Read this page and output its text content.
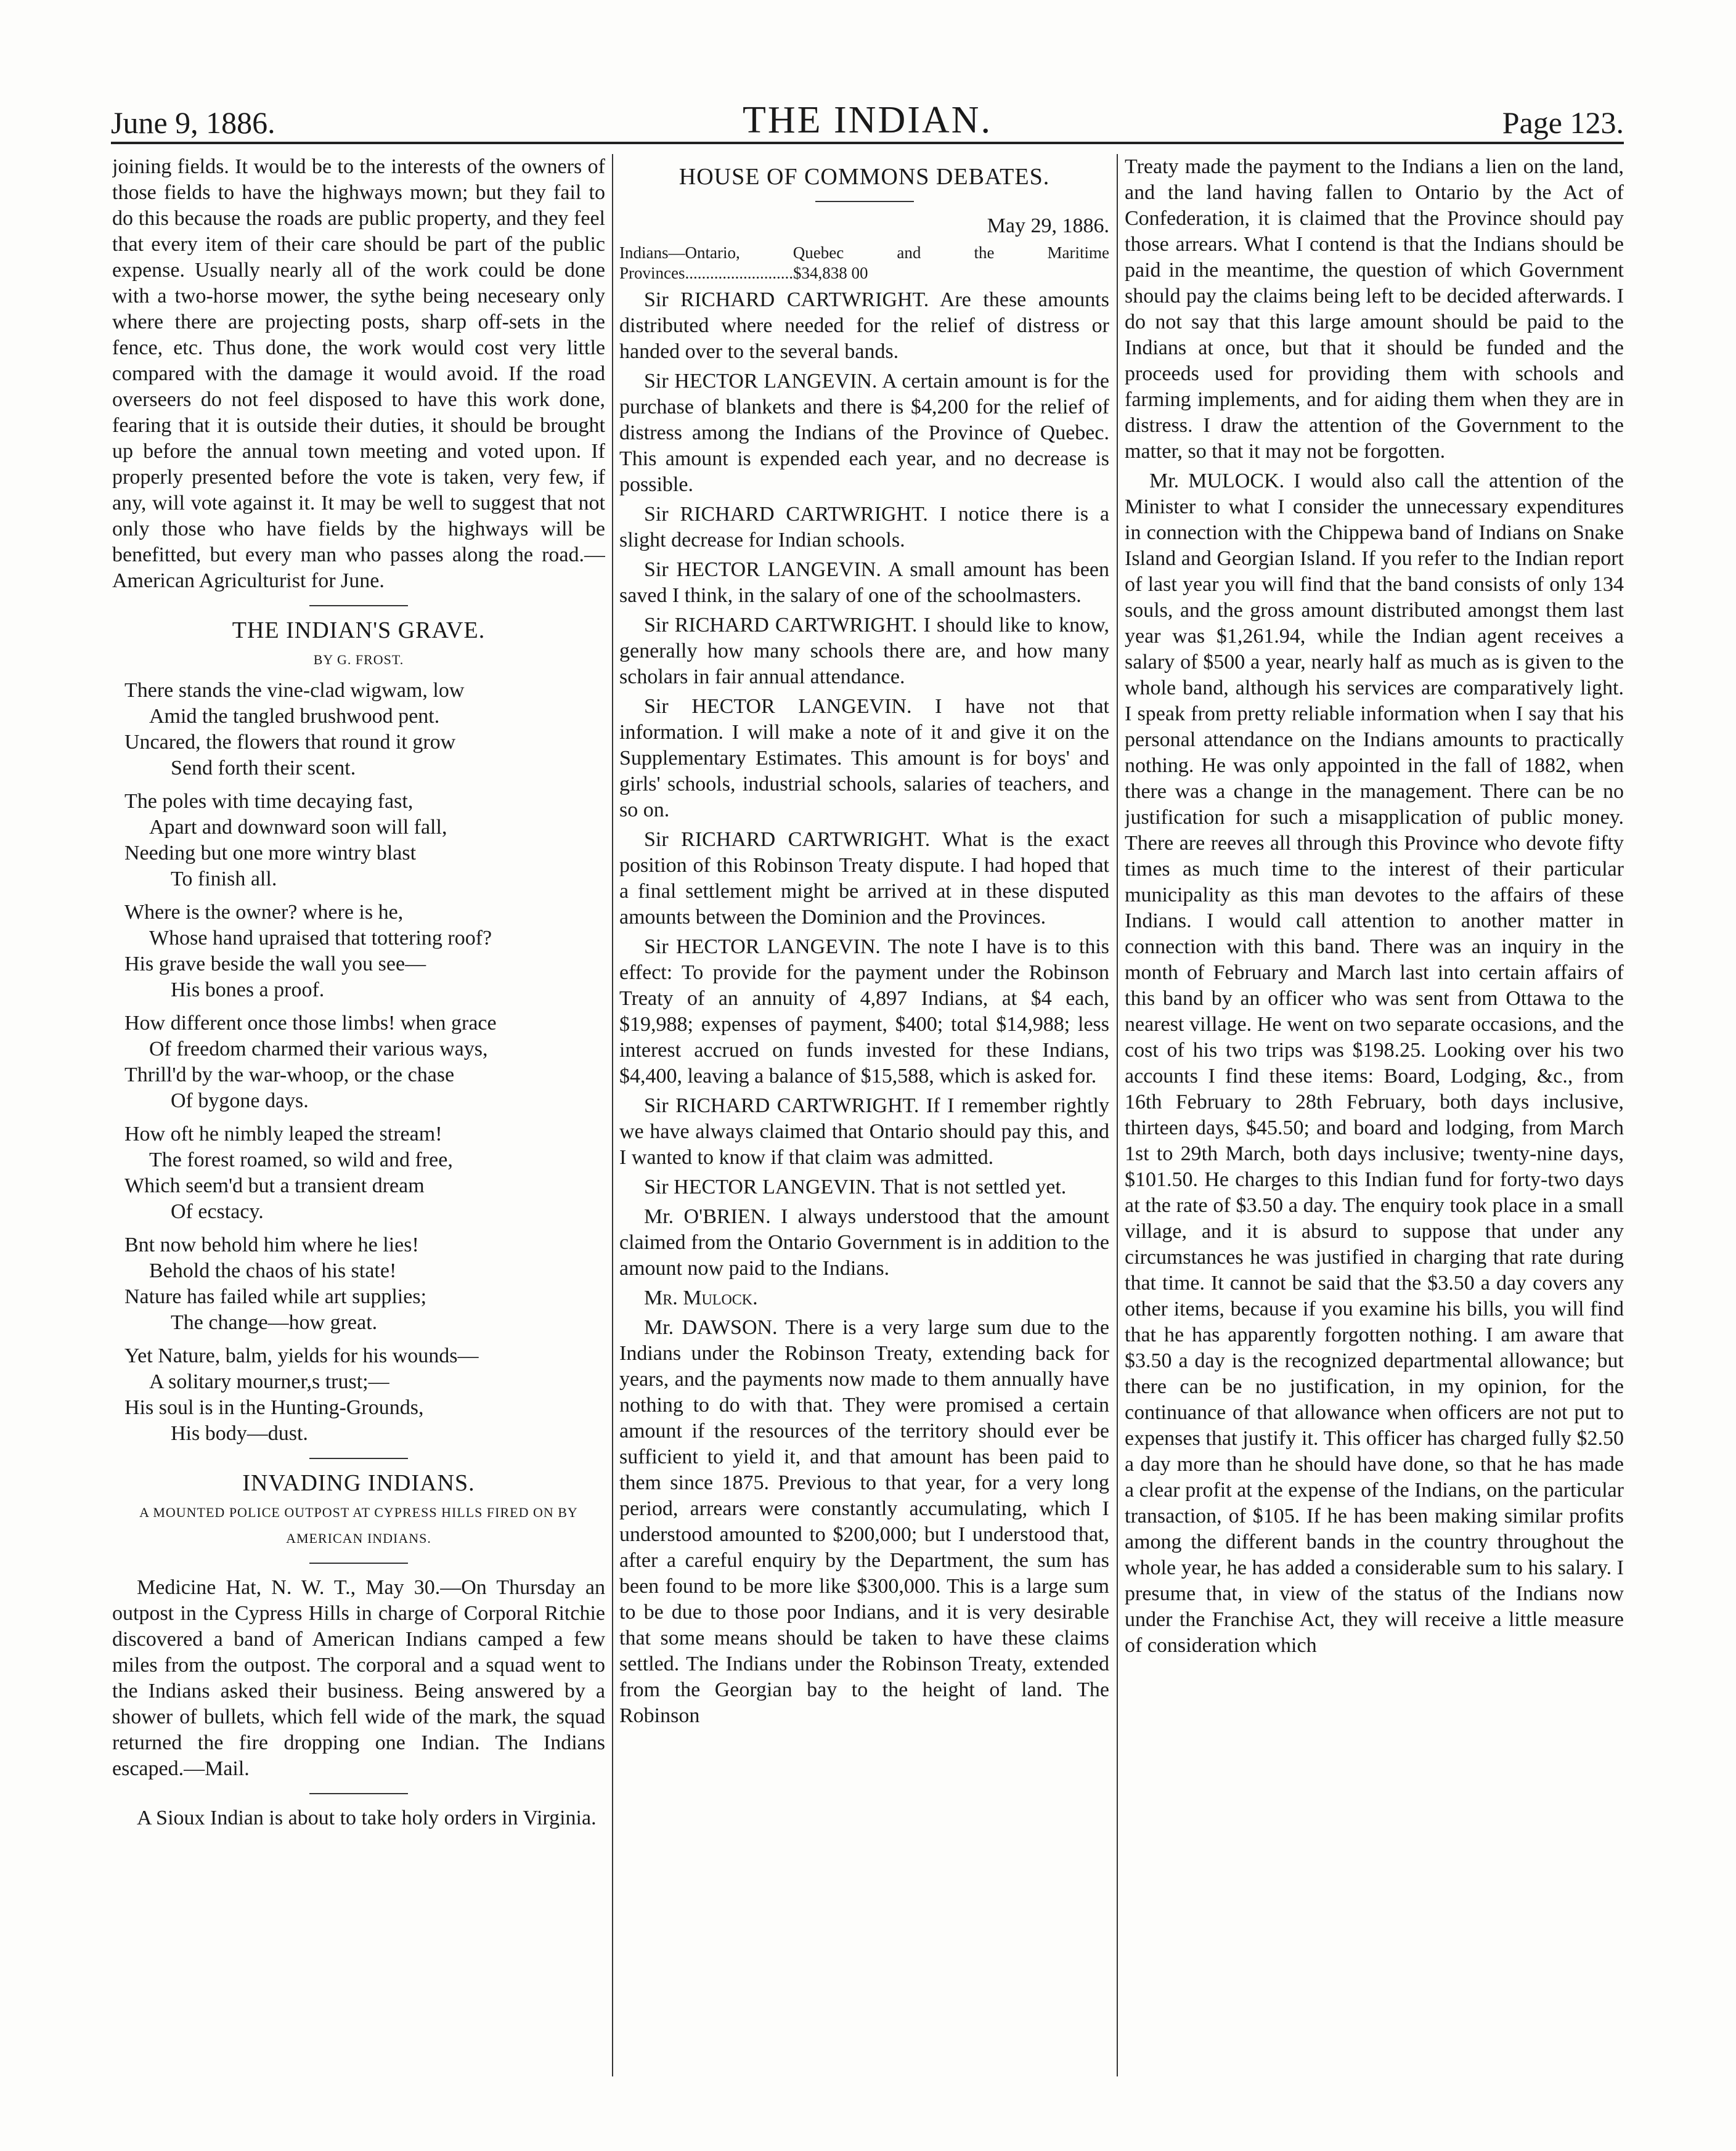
June 9, 1886.	THE INDIAN.	Page 123.

joining fields. It would be to the interests of the owners of those fields to have the highways mown; but they fail to do this because the roads are public property, and they feel that every item of their care should be part of the public expense. Usually nearly all of the work could be done with a two-horse mower, the sythe being neceseary only where there are projecting posts, sharp off-sets in the fence, etc. Thus done, the work would cost very little compared with the damage it would avoid. If the road overseers do not feel disposed to have this work done, fearing that it is outside their duties, it should be brought up before the annual town meeting and voted upon. If properly presented before the vote is taken, very few, if any, will vote against it. It may be well to suggest that not only those who have fields by the highways will be benefitted, but every man who passes along the road.—American Agriculturist for June.

THE INDIAN'S GRAVE.
BY G. FROST.
There stands the vine-clad wigwam, low
Amid the tangled brushwood pent.
Uncared, the flowers that round it grow
Send forth their scent.
The poles with time decaying fast,
Apart and downward soon will fall,
Needing but one more wintry blast
To finish all.
Where is the owner? where is he,
Whose hand upraised that tottering roof?
His grave beside the wall you see—
His bones a proof.
How different once those limbs! when grace
Of freedom charmed their various ways,
Thrill'd by the war-whoop, or the chase
Of bygone days.
How oft he nimbly leaped the stream!
The forest roamed, so wild and free,
Which seem'd but a transient dream
Of ecstacy.
Bnt now behold him where he lies!
Behold the chaos of his state!
Nature has failed while art supplies;
The change—how great.
Yet Nature, balm, yields for his wounds—
A solitary mourner,s trust;—
His soul is in the Hunting-Grounds,
His body—dust.
INVADING INDIANS.
A MOUNTED POLICE OUTPOST AT CYPRESS HILLS FIRED ON BY AMERICAN INDIANS.

Medicine Hat, N. W. T., May 30.—On Thursday an outpost in the Cypress Hills in charge of Corporal Ritchie discovered a band of American Indians camped a few miles from the outpost. The corporal and a squad went to the Indians asked their business. Being answered by a shower of bullets, which fell wide of the mark, the squad returned the fire dropping one Indian. The Indians escaped.—Mail.

A Sioux Indian is about to take holy orders in Virginia.

HOUSE OF COMMONS DEBATES.

May 29, 1886.

Indians—Ontario, Quebec and the Maritime Provinces..........................$34,838 00

Sir RICHARD CARTWRIGHT. Are these amounts distributed where needed for the relief of distress or handed over to the several bands.

Sir HECTOR LANGEVIN. A certain amount is for the purchase of blankets and there is $4,200 for the relief of distress among the Indians of the Province of Quebec. This amount is expended each year, and no decrease is possible.

Sir RICHARD CARTWRIGHT. I notice there is a slight decrease for Indian schools.

Sir HECTOR LANGEVIN. A small amount has been saved I think, in the salary of one of the schoolmasters.

Sir RICHARD CARTWRIGHT. I should like to know, generally how many schools there are, and how many scholars in fair annual attendance.

Sir HECTOR LANGEVIN. I have not that information. I will make a note of it and give it on the Supplementary Estimates. This amount is for boys' and girls' schools, industrial schools, salaries of teachers, and so on.

Sir RICHARD CARTWRIGHT. What is the exact position of this Robinson Treaty dispute. I had hoped that a final settlement might be arrived at in these disputed amounts between the Dominion and the Provinces.

Sir HECTOR LANGEVIN. The note I have is to this effect: To provide for the payment under the Robinson Treaty of an annuity of 4,897 Indians, at $4 each, $19,988; expenses of payment, $400; total $14,988; less interest accrued on funds invested for these Indians, $4,400, leaving a balance of $15,588, which is asked for.

Sir RICHARD CARTWRIGHT. If I remember rightly we have always claimed that Ontario should pay this, and I wanted to know if that claim was admitted.

Sir HECTOR LANGEVIN. That is not settled yet.

Mr. O'BRIEN. I always understood that the amount claimed from the Ontario Government is in addition to the amount now paid to the Indians.

Mr. Mulock.

Mr. DAWSON. There is a very large sum due to the Indians under the Robinson Treaty, extending back for years, and the payments now made to them annually have nothing to do with that. They were promised a certain amount if the resources of the territory should ever be sufficient to yield it, and that amount has been paid to them since 1875. Previous to that year, for a very long period, arrears were constantly accumulating, which I understood amounted to $200,000; but I understood that, after a careful enquiry by the Department, the sum has been found to be more like $300,000. This is a large sum to be due to those poor Indians, and it is very desirable that some means should be taken to have these claims settled. The Indians under the Robinson Treaty, extended from the Georgian bay to the height of land. The Robinson

Treaty made the payment to the Indians a lien on the land, and the land having fallen to Ontario by the Act of Confederation, it is claimed that the Province should pay those arrears. What I contend is that the Indians should be paid in the meantime, the question of which Government should pay the claims being left to be decided afterwards. I do not say that this large amount should be paid to the Indians at once, but that it should be funded and the proceeds used for providing them with schools and farming implements, and for aiding them when they are in distress. I draw the attention of the Government to the matter, so that it may not be forgotten.

Mr. MULOCK. I would also call the attention of the Minister to what I consider the unnecessary expenditures in connection with the Chippewa band of Indians on Snake Island and Georgian Island. If you refer to the Indian report of last year you will find that the band consists of only 134 souls, and the gross amount distributed amongst them last year was $1,261.94, while the Indian agent receives a salary of $500 a year, nearly half as much as is given to the whole band, although his services are comparatively light. I speak from pretty reliable information when I say that his personal attendance on the Indians amounts to practically nothing. He was only appointed in the fall of 1882, when there was a change in the management. There can be no justification for such a misapplication of public money. There are reeves all through this Province who devote fifty times as much time to the interest of their particular municipality as this man devotes to the affairs of these Indians. I would call attention to another matter in connection with this band. There was an inquiry in the month of February and March last into certain affairs of this band by an officer who was sent from Ottawa to the nearest village. He went on two separate occasions, and the cost of his two trips was $198.25. Looking over his two accounts I find these items: Board, Lodging, &c., from 16th February to 28th February, both days inclusive, thirteen days, $45.50; and board and lodging, from March 1st to 29th March, both days inclusive; twenty-nine days, $101.50. He charges to this Indian fund for forty-two days at the rate of $3.50 a day. The enquiry took place in a small village, and it is absurd to suppose that under any circumstances he was justified in charging that rate during that time. It cannot be said that the $3.50 a day covers any other items, because if you examine his bills, you will find that he has apparently forgotten nothing. I am aware that $3.50 a day is the recognized departmental allowance; but there can be no justification, in my opinion, for the continuance of that allowance when officers are not put to expenses that justify it. This officer has charged fully $2.50 a day more than he should have done, so that he has made a clear profit at the expense of the Indians, on the particular transaction, of $105. If he has been making similar profits among the different bands in the country throughout the whole year, he has added a considerable sum to his salary. I presume that, in view of the status of the Indians now under the Franchise Act, they will receive a little measure of consideration which
